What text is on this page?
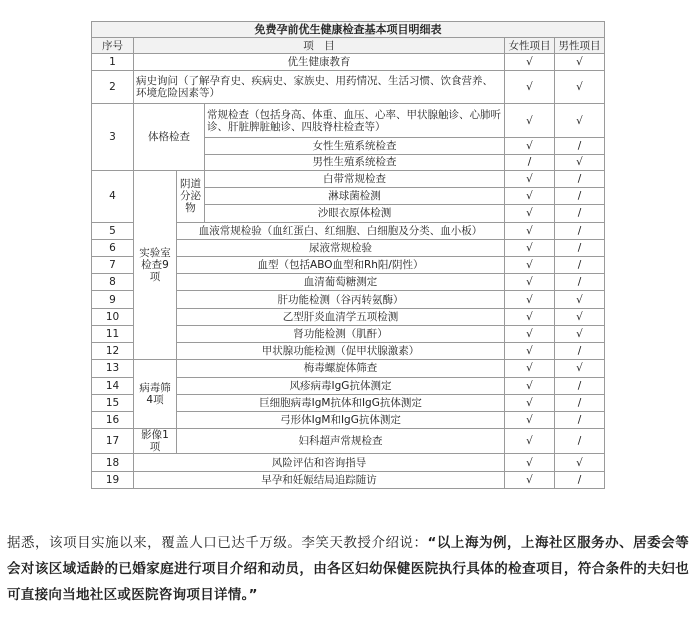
免费孕前优生健康检查基本项目明细表					
序号	项　目			女性项目	男性项目
1	优生健康教育			√	√
2	病史询问（了解孕育史、疾病史、家族史、用药情况、生活习惯、饮食营养、环境危险因素等）			√	√
3	体格检查		常规检查（包括身高、体重、血压、心率、甲状腺触诊、心肺听诊、肝脏脾脏触诊、四肢脊柱检查等）	√	√
			女性生殖系统检查	√	/
			男性生殖系统检查	/	√
4	实验室检查9项	阴道分泌物	白带常规检查	√	/
			淋球菌检测	√	/
			沙眼衣原体检测	√	/
5		血液常规检验（血红蛋白、红细胞、白细胞及分类、血小板）		√	/
6		尿液常规检验		√	/
7		血型（包括ABO血型和Rh阳/阴性）		√	/
8		血清葡萄糖测定		√	/
9		肝功能检测（谷丙转氨酶）		√	√
10		乙型肝炎血清学五项检测		√	√
11		肾功能检测（肌酐）		√	√
12		甲状腺功能检测（促甲状腺激素）		√	/
13	病毒筛4项	梅毒螺旋体筛查		√	√
14		风疹病毒IgG抗体测定		√	/
15		巨细胞病毒IgM抗体和IgG抗体测定		√	/
16		弓形体IgM和IgG抗体测定		√	/
17	影像1项	妇科超声常规检查		√	/
18	风险评估和咨询指导			√	√
19	早孕和妊娠结局追踪随访			√	/
据悉，该项目实施以来，覆盖人口已达千万级。李笑天教授介绍说：“以上海为例，上海社区服务办、居委会等会对该区域适龄的已婚家庭进行项目介绍和动员，由各区妇幼保健医院执行具体的检查项目，符合条件的夫妇也可直接向当地社区或医院咨询项目详情。”
